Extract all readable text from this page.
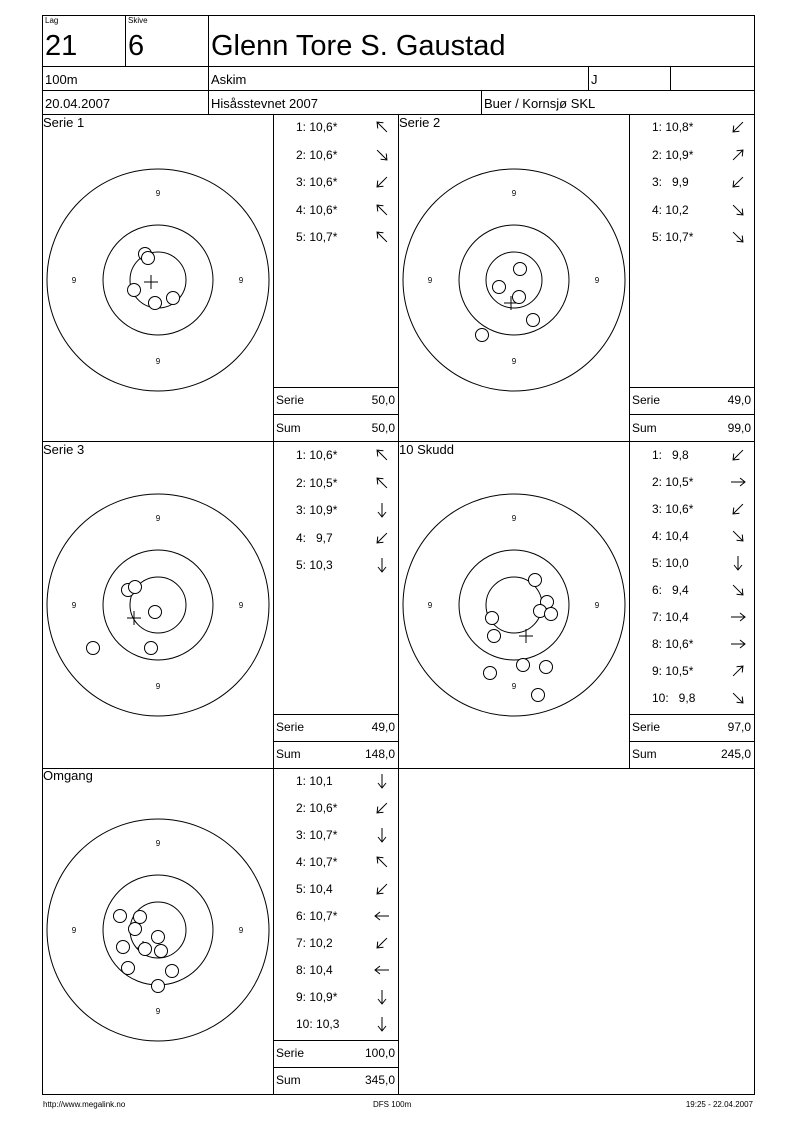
Lag
21
Skive
6 Glenn Tore S. Gaustad
100m	Askim	J
20.04.2007	Hisåsstevnet 2007	Buer / Kornsjø SKL
Serie 1
9
9
9	9
Serie	50,0
Sum	50,0
Serie 2
9
9
9	9
Serie	49,0
Sum	99,0
Serie 3
9
9
9	9
Serie	49,0
Sum	148,0
10 Skudd
9
9
9	9
Serie	97,0
Sum	245,0
Omgang
9
9
9	9
Serie	100,0
Sum	345,0
http://www.megalink.no	DFS 100m	19:25 - 22.04.2007
1: 10,6*
2: 10,6*
3: 10,6*
4: 10,6*
5: 10,7*
1: 10,8*
2: 10,9*
3:   9,9
4: 10,2
5: 10,7*
1: 10,6*
2: 10,5*
3: 10,9*
4:   9,7
5: 10,3
1:   9,8
2: 10,5*
3: 10,6*
4: 10,4
5: 10,0
6:   9,4
7: 10,4
8: 10,6*
9: 10,5*
10:   9,8
1: 10,1
2: 10,6*
3: 10,7*
4: 10,7*
5: 10,4
6: 10,7*
7: 10,2
8: 10,4
9: 10,9*
10: 10,3
